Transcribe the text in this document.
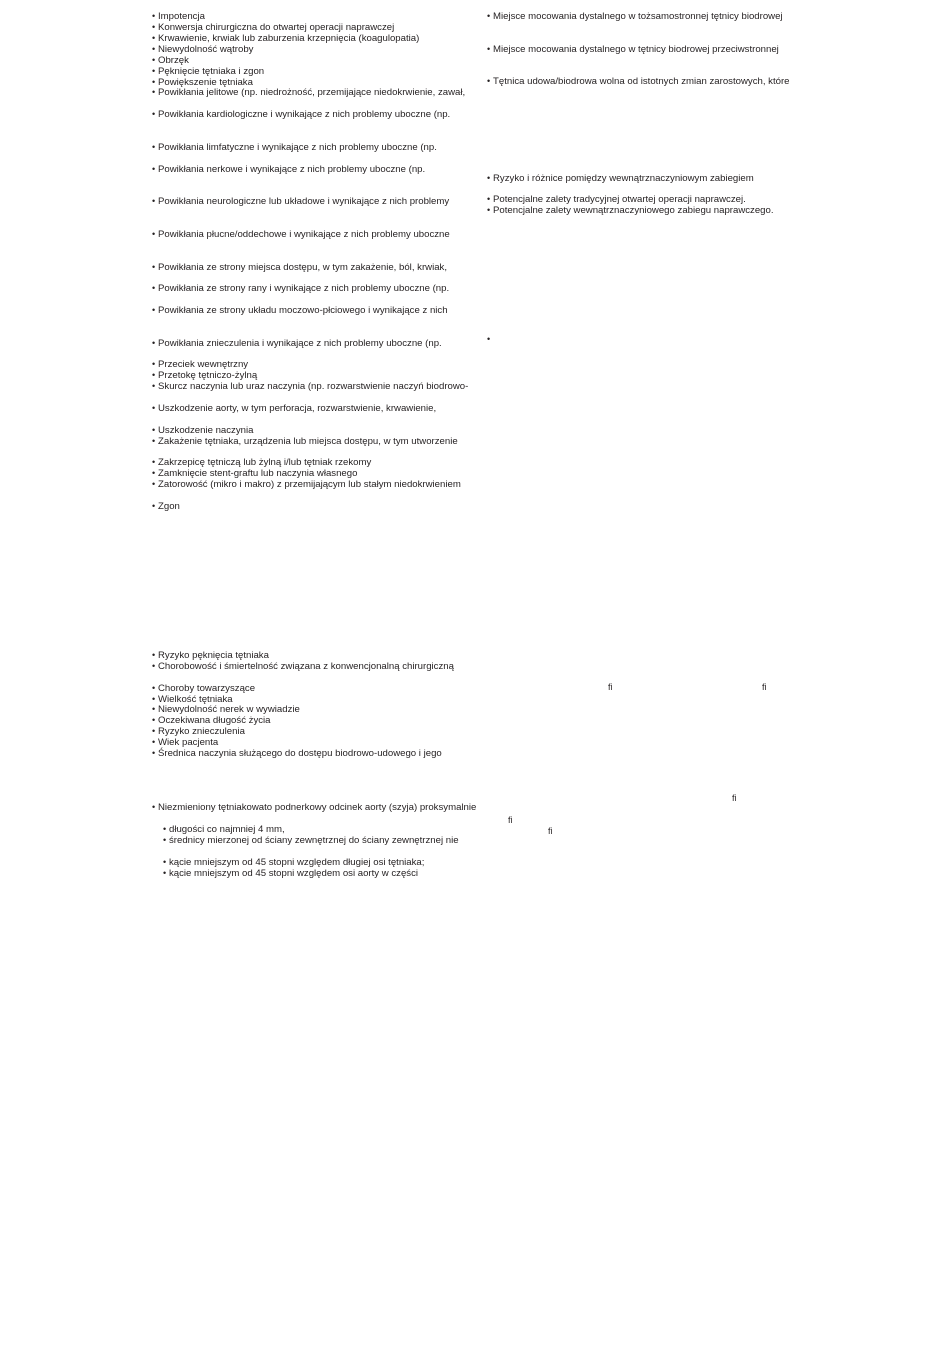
• Impotencja
• Konwersja chirurgiczna do otwartej operacji naprawczej
• Krwawienie, krwiak lub zaburzenia krzepnięcia (koagulopatia)
• Niewydolność wątroby
• Obrzęk
• Pęknięcie tętniaka i zgon
• Powiększenie tętniaka
• Powikłania jelitowe (np. niedrożność, przemijające niedokrwienie, zawał,
• Powikłania kardiologiczne i wynikające z nich problemy uboczne (np.
• Powikłania limfatyczne i wynikające z nich problemy uboczne (np.
• Powikłania nerkowe i wynikające z nich problemy uboczne (np.
• Powikłania neurologiczne lub układowe i wynikające z nich problemy
• Powikłania płucne/oddechowe i wynikające z nich problemy uboczne
• Powikłania ze strony miejsca dostępu, w tym zakażenie, ból, krwiak,
• Powikłania ze strony rany i wynikające z nich problemy uboczne (np.
• Powikłania ze strony układu moczowo-płciowego i wynikające z nich
• Powikłania znieczulenia i wynikające z nich problemy uboczne (np.
• Przeciek wewnętrzny
• Przetokę tętniczo-żylną
• Skurcz naczynia lub uraz naczynia (np. rozwarstwienie naczyń biodrowo-
• Uszkodzenie aorty, w tym perforacja, rozwarstwienie, krwawienie,
• Uszkodzenie naczynia
• Zakażenie tętniaka, urządzenia lub miejsca dostępu, w tym utworzenie
• Zakrzepicę tętniczą lub żylną i/lub tętniak rzekomy
• Zamknięcie stent-graftu lub naczynia własnego
• Zatorowość (mikro i makro) z przemijającym lub stałym niedokrwieniem
• Zgon
• Miejsce mocowania dystalnego w tożsamostronnej tętnicy biodrowej
• Miejsce mocowania dystalnego w tętnicy biodrowej przeciwstronnej
• Tętnica udowa/biodrowa wolna od istotnych zmian zarostowych, które
• Ryzyko i różnice pomiędzy wewnątrznaczyniowym zabiegiem
• Potencjalne zalety tradycyjnej otwartej operacji naprawczej.
• Potencjalne zalety wewnątrznaczyniowego zabiegu naprawczego.
•
• Ryzyko pęknięcia tętniaka
• Chorobowość i śmiertelność związana z konwencjonalną chirurgiczną
• Choroby towarzyszące
• Wielkość tętniaka
• Niewydolność nerek w wywiadzie
• Oczekiwana długość życia
• Ryzyko znieczulenia
• Wiek pacjenta
• Średnica naczynia służącego do dostępu biodrowo-udowego i jego
• Niezmieniony tętniakowato podnerkowy odcinek aorty (szyja) proksymalnie
• długości co najmniej 4 mm,
• średnicy mierzonej od ściany zewnętrznej do ściany zewnętrznej nie
• kącie mniejszym od 45 stopni względem długiej osi tętniaka;
• kącie mniejszym od 45 stopni względem osi aorty w części
fi	fi
fi
fi
fi
